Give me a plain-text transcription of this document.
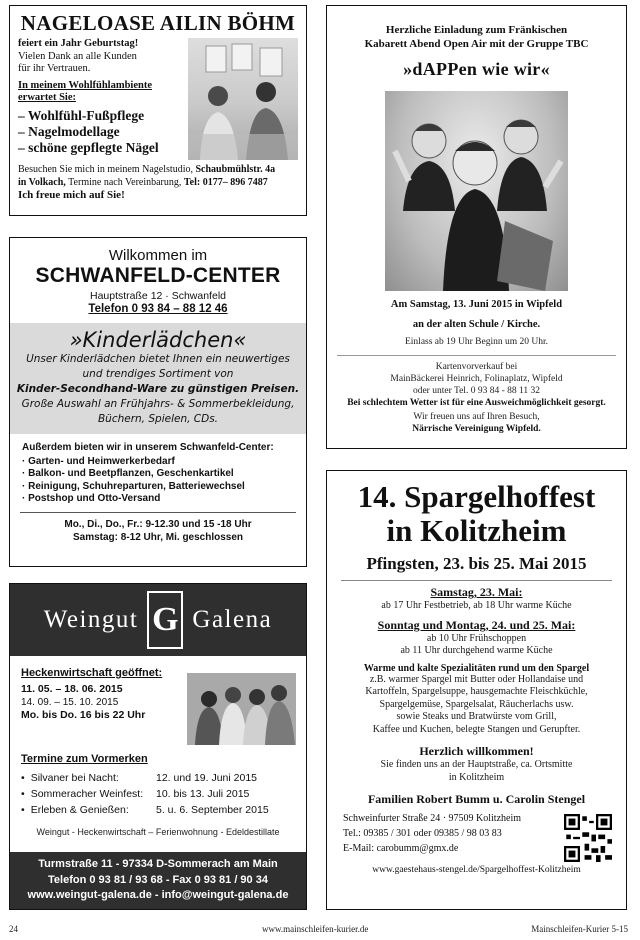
NAGELOASE AILIN BÖHM
feiert ein Jahr Geburtstag!
Vielen Dank an alle Kunden
für ihr Vertrauen.
In meinem Wohlfühlambiente
erwartet Sie:
– Wohlfühl-Fußpflege
– Nagelmodellage
– schöne gepflegte Nägel
Besuchen Sie mich in meinem Nagelstudio, Schaubmühlstr. 4a
in Volkach, Termine nach Vereinbarung, Tel: 0177– 896 7487
Ich freue mich auf Sie!
Wilkommen im
SCHWANFELD-CENTER
Hauptstraße 12 · Schwanfeld
Telefon 0 93 84 – 88 12 46
»Kinderlädchen«
Unser Kinderlädchen bietet Ihnen ein neuwertiges
und trendiges Sortiment von
Kinder-Secondhand-Ware zu günstigen Preisen.
Große Auswahl an Frühjahrs- & Sommerbekleidung,
Büchern, Spielen, CDs.
Außerdem bieten wir in unserem Schwanfeld-Center:
· Garten- und Heimwerkerbedarf
· Balkon- und Beetpflanzen, Geschenkartikel
· Reinigung, Schuhreparturen, Batteriewechsel
· Postshop und Otto-Versand
Mo., Di., Do., Fr.: 9-12.30 und 15 -18 Uhr
Samstag: 8-12 Uhr, Mi. geschlossen
Weingut G Galena
Heckenwirtschaft geöffnet:
11. 05. – 18. 06. 2015
14. 09. – 15. 10. 2015
Mo. bis Do. 16 bis 22 Uhr
Termine zum Vormerken
• Silvaner bei Nacht:	12. und 19. Juni 2015
• Sommeracher Weinfest:	10. bis 13. Juli 2015
• Erleben & Genießen:	5. u. 6. September 2015
Weingut - Heckenwirtschaft – Ferienwohnung - Edeldestillate
Turmstraße 11 - 97334 D-Sommerach am Main
Telefon 0 93 81 / 93 68 - Fax 0 93 81 / 90 34
www.weingut-galena.de - info@weingut-galena.de
Herzliche Einladung zum Fränkischen
Kabarett Abend Open Air mit der Gruppe TBC
»dAPPen wie wir«
Am Samstag, 13. Juni 2015 in Wipfeld
an der alten Schule / Kirche.
Einlass ab 19 Uhr Beginn um 20 Uhr.
Kartenvorverkauf bei
MainBäckerei Heinrich, Folinaplatz, Wipfeld
oder unter Tel. 0 93 84 - 88 11 32
Bei schlechtem Wetter ist für eine Ausweichmöglichkeit gesorgt.
Wir freuen uns auf Ihren Besuch,
Närrische Vereinigung Wipfeld.
14. Spargelhoffest
in Kolitzheim
Pfingsten, 23. bis 25. Mai 2015
Samstag, 23. Mai:
ab 17 Uhr Festbetrieb, ab 18 Uhr warme Küche
Sonntag und Montag, 24. und 25. Mai:
ab 10 Uhr Frühschoppen
ab 11 Uhr durchgehend warme Küche
Warme und kalte Spezialitäten rund um den Spargel
z.B. warmer Spargel mit Butter oder Hollandaise und
Kartoffeln, Spargelsuppe, hausgemachte Fleischküchle,
Spargelgemüse, Spargelsalat, Räucherlachs usw.
sowie Steaks und Bratwürste vom Grill,
Kaffee und Kuchen, belegte Stangen und Gerupfter.
Herzlich willkommen!
Sie finden uns an der Hauptstraße, ca. Ortsmitte
in Kolitzheim
Familien Robert Bumm u. Carolin Stengel
Schweinfurter Straße 24 · 97509 Kolitzheim
Tel.: 09385 / 301 oder 09385 / 98 03 83
E-Mail: carobumm@gmx.de
www.gaestehaus-stengel.de/Spargelhoffest-Kolitzheim
24	www.mainschleifen-kurier.de	Mainschleifen-Kurier 5-15
